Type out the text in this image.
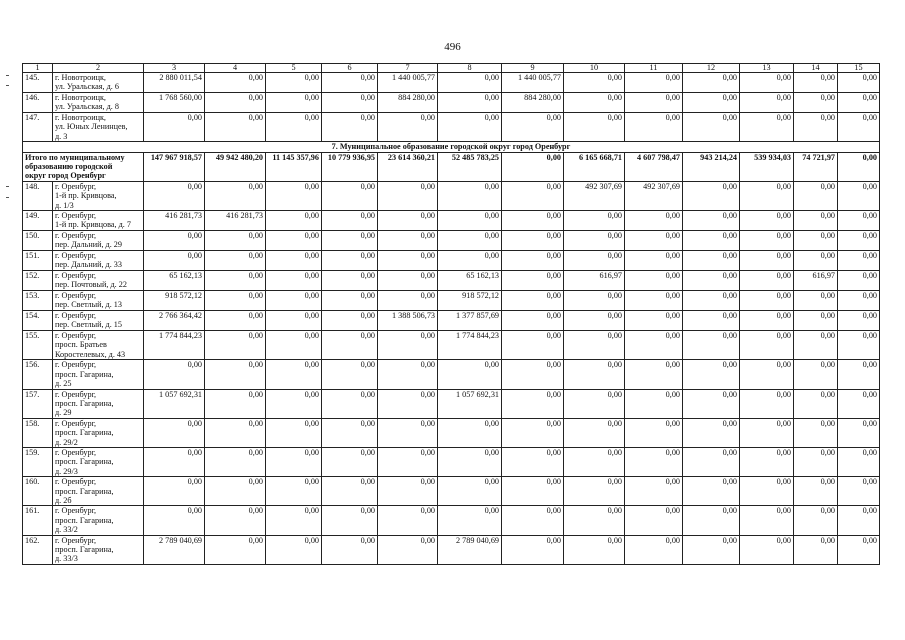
496
1	2	3	4	5	6	7	8	9	10	11	12	13	14	15
145.	г. Новотроицк,
ул. Уральская, д. 6	2 880 011,54	0,00	0,00	0,00	1 440 005,77	0,00	1 440 005,77	0,00	0,00	0,00	0,00	0,00	0,00
146.	г. Новотроицк,
ул. Уральская, д. 8	1 768 560,00	0,00	0,00	0,00	884 280,00	0,00	884 280,00	0,00	0,00	0,00	0,00	0,00	0,00
147.	г. Новотроицк,
ул. Юных Ленинцев,
д. 3	0,00	0,00	0,00	0,00	0,00	0,00	0,00	0,00	0,00	0,00	0,00	0,00	0,00
7. Муниципальное образование городской округ город Оренбург														
Итого по муниципальному
образованию городской
округ город Оренбург		147 967 918,57	49 942 480,20	11 145 357,96	10 779 936,95	23 614 360,21	52 485 783,25	0,00	6 165 668,71	4 607 798,47	943 214,24	539 934,03	74 721,97	0,00
148.	г. Оренбург,
1-й пр. Кривцова,
д. 1/3	0,00	0,00	0,00	0,00	0,00	0,00	0,00	492 307,69	492 307,69	0,00	0,00	0,00	0,00
149.	г. Оренбург,
1-й пр. Кривцова, д. 7	416 281,73	416 281,73	0,00	0,00	0,00	0,00	0,00	0,00	0,00	0,00	0,00	0,00	0,00
150.	г. Оренбург,
пер. Дальний, д. 29	0,00	0,00	0,00	0,00	0,00	0,00	0,00	0,00	0,00	0,00	0,00	0,00	0,00
151.	г. Оренбург,
пер. Дальний, д. 33	0,00	0,00	0,00	0,00	0,00	0,00	0,00	0,00	0,00	0,00	0,00	0,00	0,00
152.	г. Оренбург,
пер. Почтовый, д. 22	65 162,13	0,00	0,00	0,00	0,00	65 162,13	0,00	616,97	0,00	0,00	0,00	616,97	0,00
153.	г. Оренбург,
пер. Светлый, д. 13	918 572,12	0,00	0,00	0,00	0,00	918 572,12	0,00	0,00	0,00	0,00	0,00	0,00	0,00
154.	г. Оренбург,
пер. Светлый, д. 15	2 766 364,42	0,00	0,00	0,00	1 388 506,73	1 377 857,69	0,00	0,00	0,00	0,00	0,00	0,00	0,00
155.	г. Оренбург,
просп. Братьев
Коростелевых, д. 43	1 774 844,23	0,00	0,00	0,00	0,00	1 774 844,23	0,00	0,00	0,00	0,00	0,00	0,00	0,00
156.	г. Оренбург,
просп. Гагарина,
д. 25	0,00	0,00	0,00	0,00	0,00	0,00	0,00	0,00	0,00	0,00	0,00	0,00	0,00
157.	г. Оренбург,
просп. Гагарина,
д. 29	1 057 692,31	0,00	0,00	0,00	0,00	1 057 692,31	0,00	0,00	0,00	0,00	0,00	0,00	0,00
158.	г. Оренбург,
просп. Гагарина,
д. 29/2	0,00	0,00	0,00	0,00	0,00	0,00	0,00	0,00	0,00	0,00	0,00	0,00	0,00
159.	г. Оренбург,
просп. Гагарина,
д. 29/3	0,00	0,00	0,00	0,00	0,00	0,00	0,00	0,00	0,00	0,00	0,00	0,00	0,00
160.	г. Оренбург,
просп. Гагарина,
д. 2б	0,00	0,00	0,00	0,00	0,00	0,00	0,00	0,00	0,00	0,00	0,00	0,00	0,00
161.	г. Оренбург,
просп. Гагарина,
д. 33/2	0,00	0,00	0,00	0,00	0,00	0,00	0,00	0,00	0,00	0,00	0,00	0,00	0,00
162.	г. Оренбург,
просп. Гагарина,
д. 33/3	2 789 040,69	0,00	0,00	0,00	0,00	2 789 040,69	0,00	0,00	0,00	0,00	0,00	0,00	0,00
